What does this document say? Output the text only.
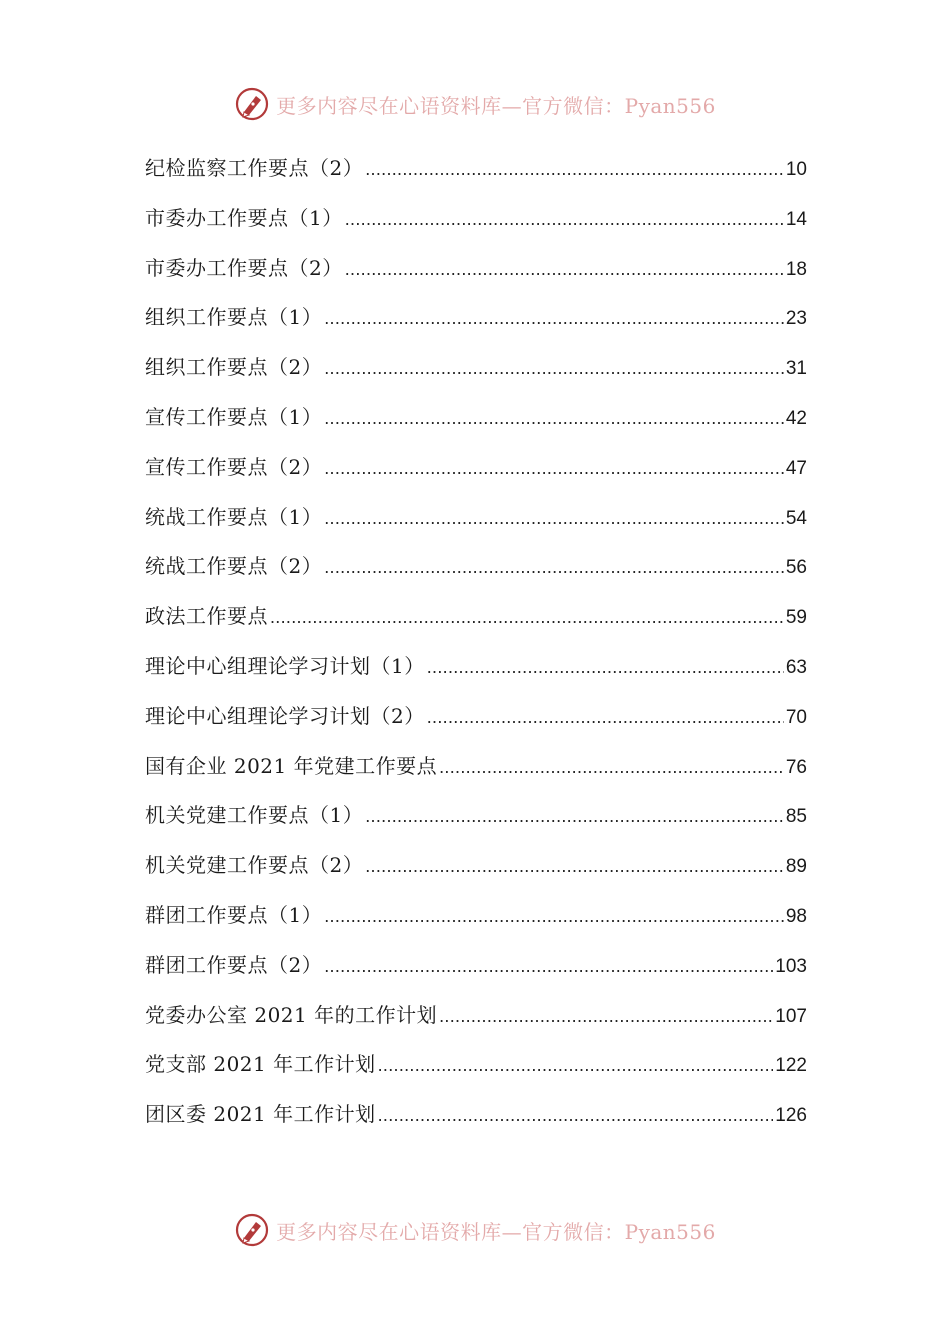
更多内容尽在心语资料库—官方微信：Pyan556
纪检监察工作要点（2） .....	10
市委办工作要点（1） .....	14
市委办工作要点（2） .....	18
组织工作要点（1） .....	23
组织工作要点（2） .....	31
宣传工作要点（1） .....	42
宣传工作要点（2） .....	47
统战工作要点（1） .....	54
统战工作要点（2） .....	56
政法工作要点 .....	59
理论中心组理论学习计划（1） .....	63
理论中心组理论学习计划（2） .....	70
国有企业 2021 年党建工作要点 .....	76
机关党建工作要点（1） .....	85
机关党建工作要点（2） .....	89
群团工作要点（1） .....	98
群团工作要点（2） .....	103
党委办公室 2021 年的工作计划 .....	107
党支部 2021 年工作计划 .....	122
团区委 2021 年工作计划 .....	126
更多内容尽在心语资料库—官方微信：Pyan556
